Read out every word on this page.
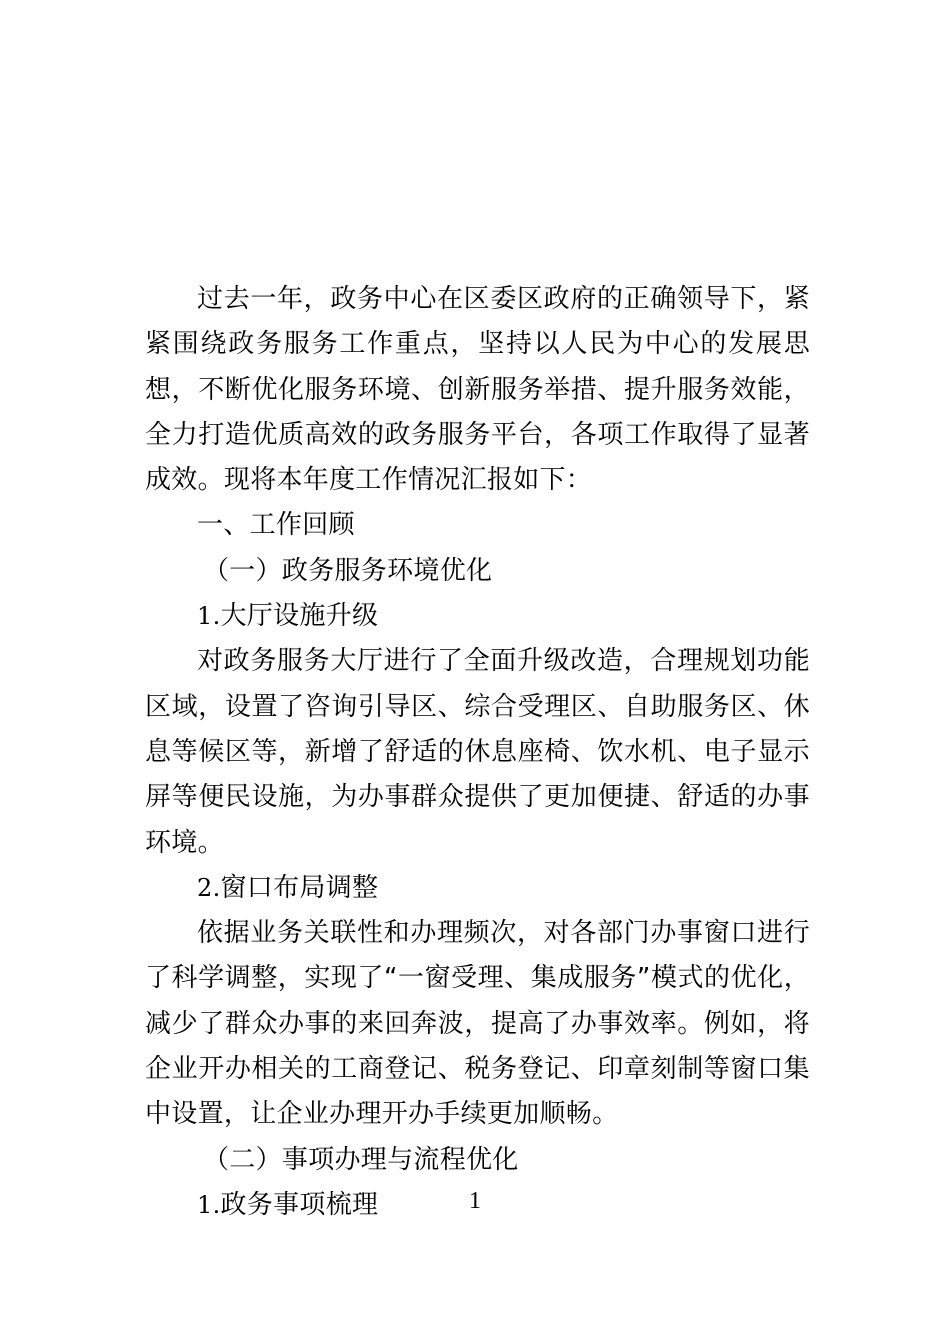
过去一年，政务中心在区委区政府的正确领导下，紧紧围绕政务服务工作重点，坚持以人民为中心的发展思想，不断优化服务环境、创新服务举措、提升服务效能，全力打造优质高效的政务服务平台，各项工作取得了显著成效。现将本年度工作情况汇报如下：

一、工作回顾

（一）政务服务环境优化

1.大厅设施升级

对政务服务大厅进行了全面升级改造，合理规划功能区域，设置了咨询引导区、综合受理区、自助服务区、休息等候区等，新增了舒适的休息座椅、饮水机、电子显示屏等便民设施，为办事群众提供了更加便捷、舒适的办事环境。

2.窗口布局调整

依据业务关联性和办理频次，对各部门办事窗口进行了科学调整，实现了“一窗受理、集成服务”模式的优化，减少了群众办事的来回奔波，提高了办事效率。例如，将企业开办相关的工商登记、税务登记、印章刻制等窗口集中设置，让企业办理开办手续更加顺畅。

（二）事项办理与流程优化

1.政务事项梳理	1
